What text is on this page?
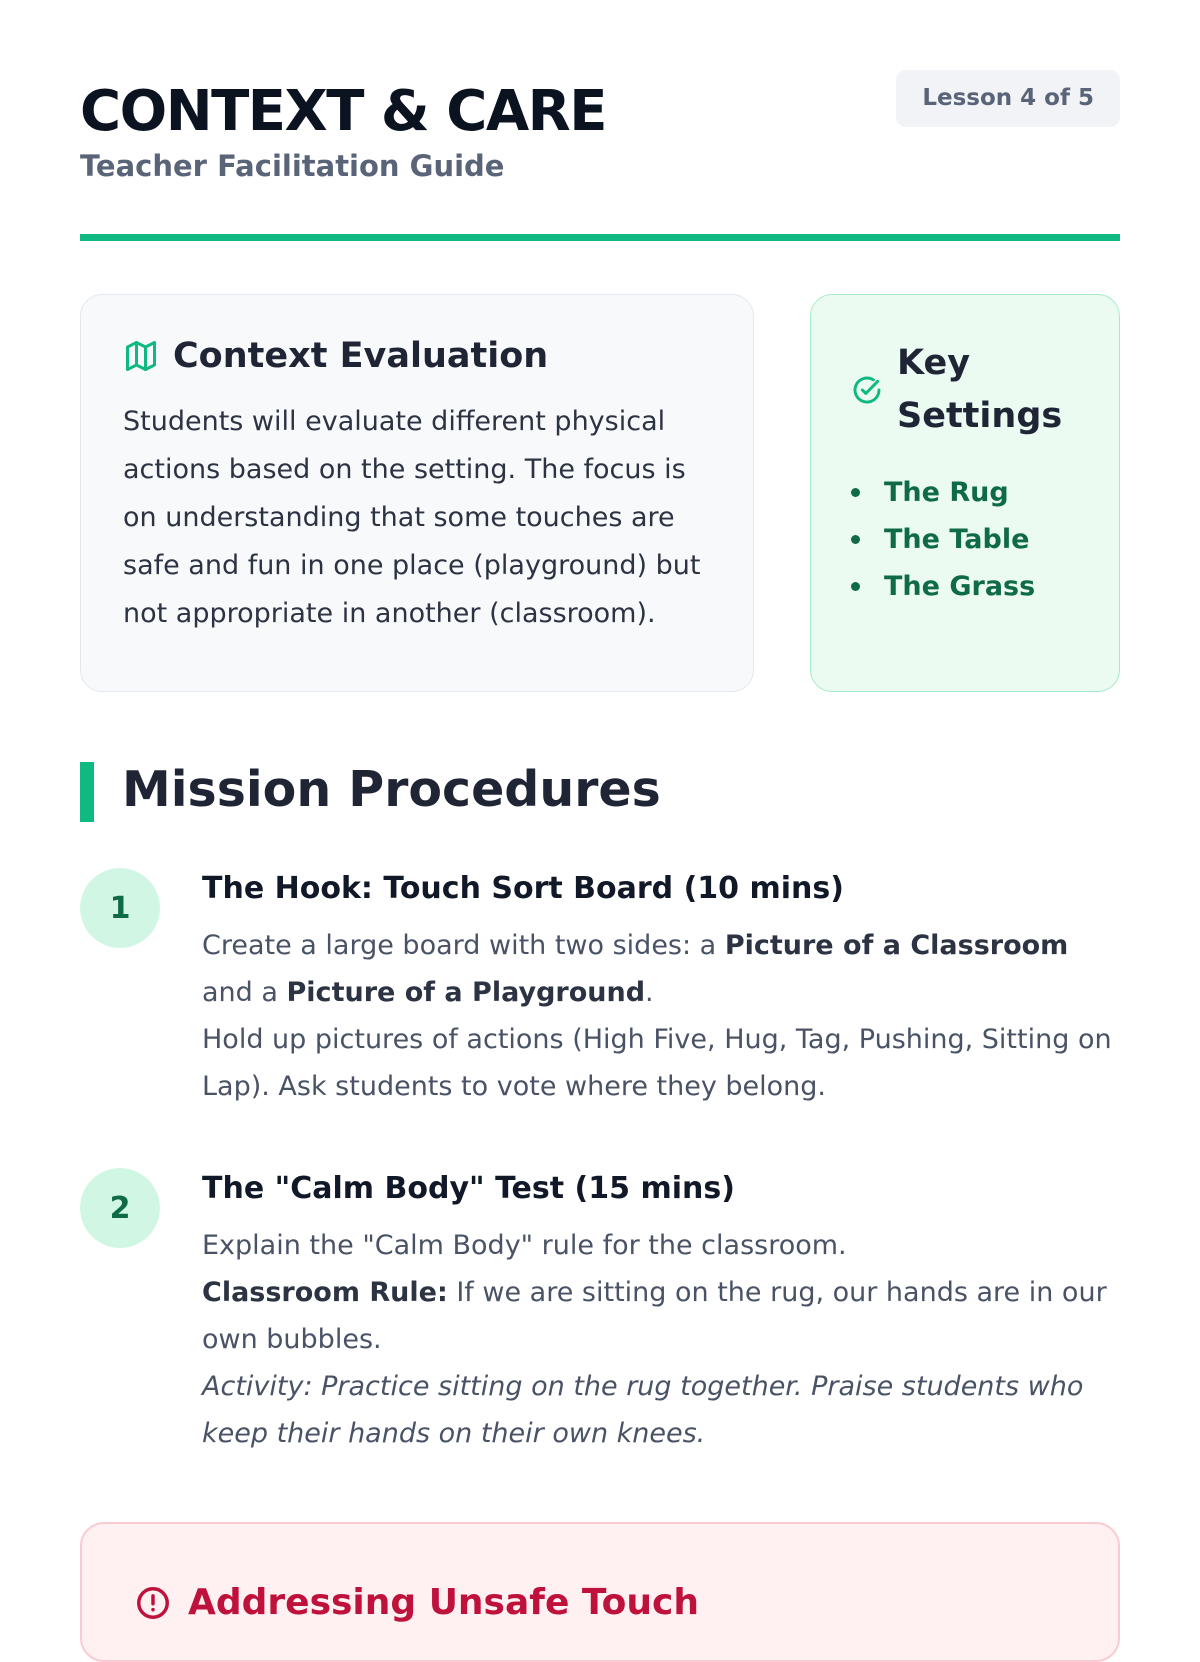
CONTEXT & CARE
Teacher Facilitation Guide
Lesson 4 of 5
Context Evaluation

Students will evaluate different physical actions based on the setting. The focus is on understanding that some touches are safe and fun in one place (playground) but not appropriate in another (classroom).

Key
Settings
The Rug
The Table
The Grass
Mission Procedures
1
The Hook: Touch Sort Board (10 mins)

Create a large board with two sides: a Picture of a Classroom and a Picture of a Playground.
Hold up pictures of actions (High Five, Hug, Tag, Pushing, Sitting on Lap). Ask students to vote where they belong.

2
The "Calm Body" Test (15 mins)

Explain the "Calm Body" rule for the classroom.
Classroom Rule: If we are sitting on the rug, our hands are in our own bubbles.
Activity: Practice sitting on the rug together. Praise students who keep their hands on their own knees.

Addressing Unsafe Touch
